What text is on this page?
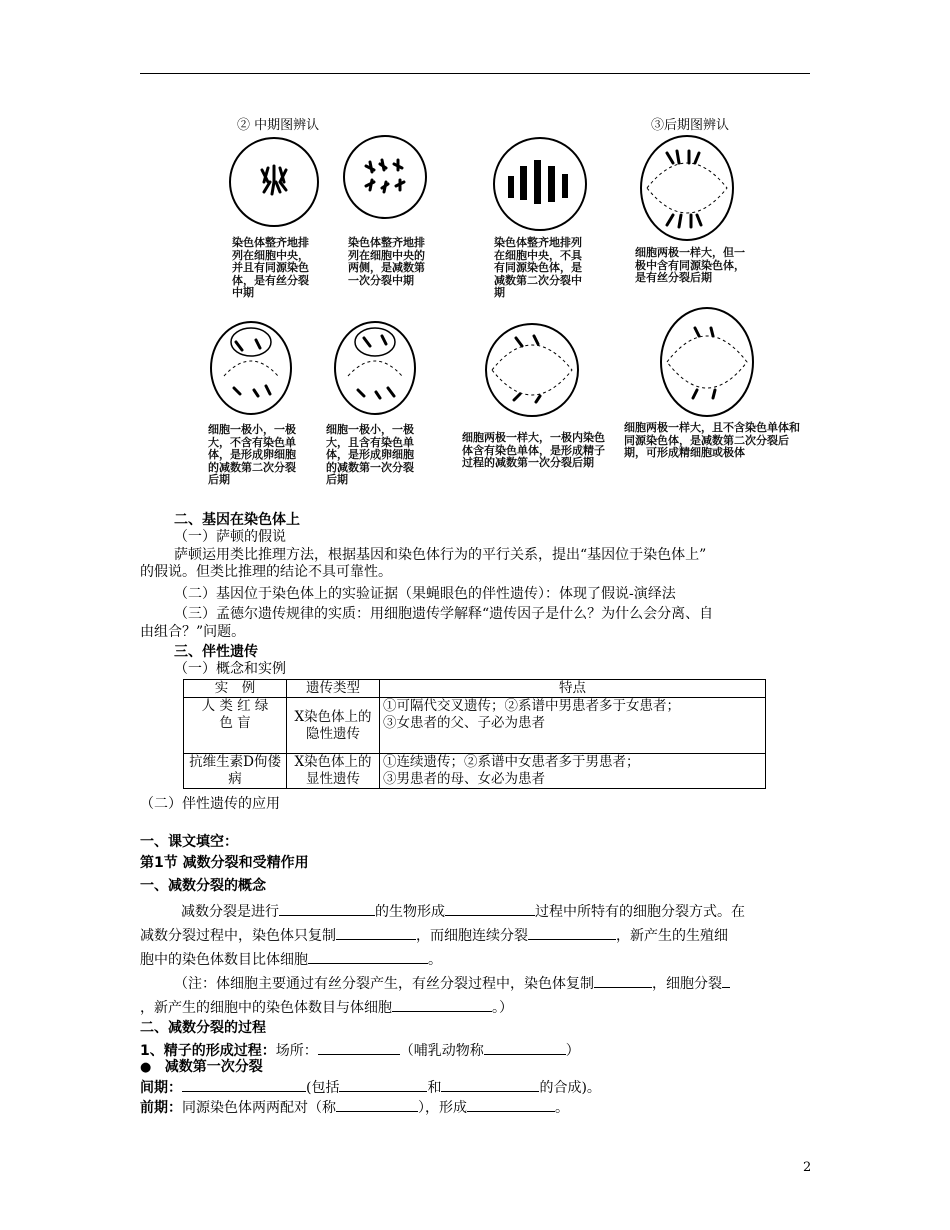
② 中期图辨认	③后期图辨认
染色体整齐地排列在细胞中央，并且有同源染色体，是有丝分裂中期
染色体整齐地排列在细胞中央的两侧，是减数第一次分裂中期
染色体整齐地排列在细胞中央，不具有同源染色体，是减数第二次分裂中期
细胞两极一样大，但一极中含有同源染色体，是有丝分裂后期
细胞一极小，一极大，不含有染色单体，是形成卵细胞的减数第二次分裂后期
细胞一极小，一极大，且含有染色单体，是形成卵细胞的减数第一次分裂后期
细胞两极一样大，一极内染色体含有染色单体，是形成精子过程的减数第一次分裂后期
细胞两极一样大，且不含染色单体和同源染色体，是减数第二次分裂后期，可形成精细胞或极体
二、基因在染色体上
（一）萨顿的假说
萨顿运用类比推理方法，根据基因和染色体行为的平行关系，提出“基因位于染色体上”
的假说。但类比推理的结论不具可靠性。
（二）基因位于染色体上的实验证据（果蝇眼色的伴性遗传）：体现了假说-演绎法
（三）孟德尔遗传规律的实质：用细胞遗传学解释“遗传因子是什么？为什么会分离、自
由组合？”问题。
三、伴性遗传
（一）概念和实例
实　例	遗传类型	特点
人 类 红 绿 色 盲	X染色体上的隐性遗传	①可隔代交叉遗传；②系谱中男患者多于女患者；
③女患者的父、子必为患者

抗维生素D佝偻病	X染色体上的显性遗传	①连续遗传；②系谱中女患者多于男患者；
③男患者的母、女必为患者
（二）伴性遗传的应用
一、课文填空：
第1节 减数分裂和受精作用
一、减数分裂的概念
减数分裂是进行	的生物形成	过程中所特有的细胞分裂方式。在
减数分裂过程中，染色体只复制	，而细胞连续分裂	，新产生的生殖细
胞中的染色体数目比体细胞	。
（注：体细胞主要通过有丝分裂产生，有丝分裂过程中，染色体复制	，细胞分裂
，新产生的细胞中的染色体数目与体细胞	。）
二、减数分裂的过程
1、精子的形成过程：场所：	（哺乳动物称	）
● 减数第一次分裂
间期：	(包括	和	的合成)。
前期：同源染色体两两配对（称	），形成	。
2
